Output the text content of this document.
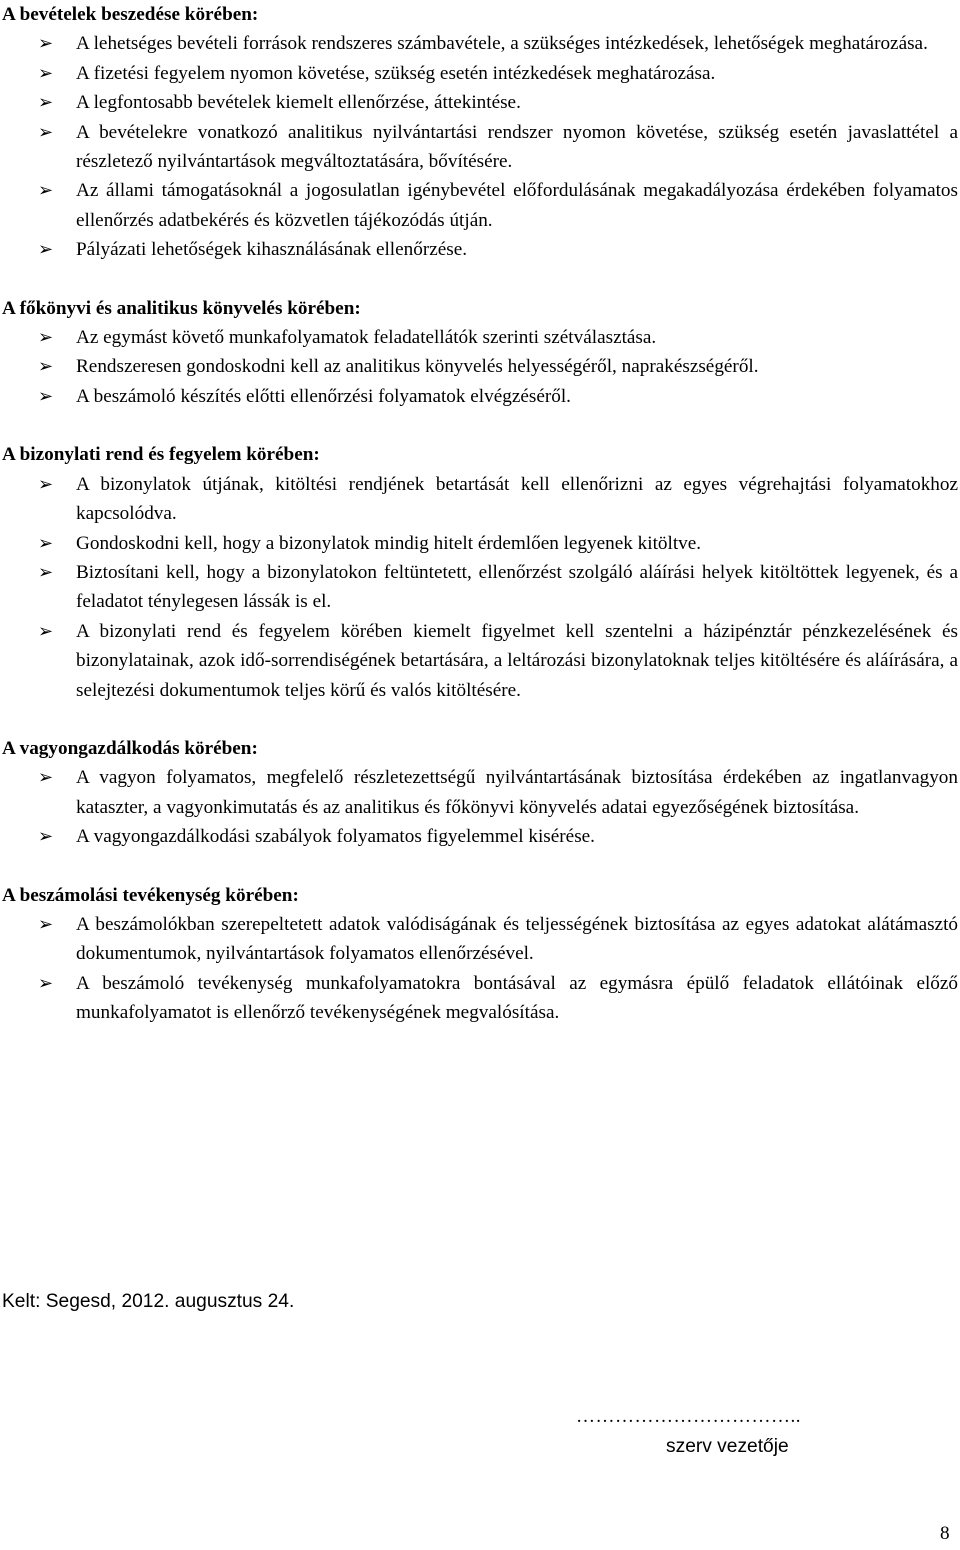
A bevételek beszedése körében:

➢ A lehetséges bevételi források rendszeres számbavétele, a szükséges intézkedések, lehetőségek meghatározása.
➢ A fizetési fegyelem nyomon követése, szükség esetén intézkedések meghatározása.
➢ A legfontosabb bevételek kiemelt ellenőrzése, áttekintése.
➢ A bevételekre vonatkozó analitikus nyilvántartási rendszer nyomon követése, szükség esetén javaslattétel a részletező nyilvántartások megváltoztatására, bővítésére.
➢ Az állami támogatásoknál a jogosulatlan igénybevétel előfordulásának megakadályozása érdekében folyamatos ellenőrzés adatbekérés és közvetlen tájékozódás útján.
➢ Pályázati lehetőségek kihasználásának ellenőrzése.

A főkönyvi és analitikus könyvelés körében:

➢ Az egymást követő munkafolyamatok feladatellátók szerinti szétválasztása.
➢ Rendszeresen gondoskodni kell az analitikus könyvelés helyességéről, naprakészségéről.
➢ A beszámoló készítés előtti ellenőrzési folyamatok elvégzéséről.

A bizonylati rend és fegyelem körében:

➢ A bizonylatok útjának, kitöltési rendjének betartását kell ellenőrizni az egyes végrehajtási folyamatokhoz kapcsolódva.
➢ Gondoskodni kell, hogy a bizonylatok mindig hitelt érdemlően legyenek kitöltve.
➢ Biztosítani kell, hogy a bizonylatokon feltüntetett, ellenőrzést szolgáló aláírási helyek kitöltöttek legyenek, és a feladatot ténylegesen lássák is el.
➢ A bizonylati rend és fegyelem körében kiemelt figyelmet kell szentelni a házipénztár pénzkezelésének és bizonylatainak, azok idő-sorrendiségének betartására, a leltározási bizonylatoknak teljes kitöltésére és aláírására, a selejtezési dokumentumok teljes körű és valós kitöltésére.

A vagyongazdálkodás körében:

➢ A vagyon folyamatos, megfelelő részletezettségű nyilvántartásának biztosítása érdekében az ingatlanvagyon kataszter, a vagyonkimutatás és az analitikus és főkönyvi könyvelés adatai egyezőségének biztosítása.
➢ A vagyongazdálkodási szabályok folyamatos figyelemmel kisérése.

A beszámolási tevékenység körében:

➢ A beszámolókban szerepeltetett adatok valódiságának és teljességének biztosítása az egyes adatokat alátámasztó dokumentumok, nyilvántartások folyamatos ellenőrzésével.
➢ A beszámoló tevékenység munkafolyamatokra bontásával az egymásra épülő feladatok ellátóinak előző munkafolyamatot is ellenőrző tevékenységének megvalósítása.
Kelt: Segesd, 2012. augusztus 24.
……………………………..
szerv vezetője
8
